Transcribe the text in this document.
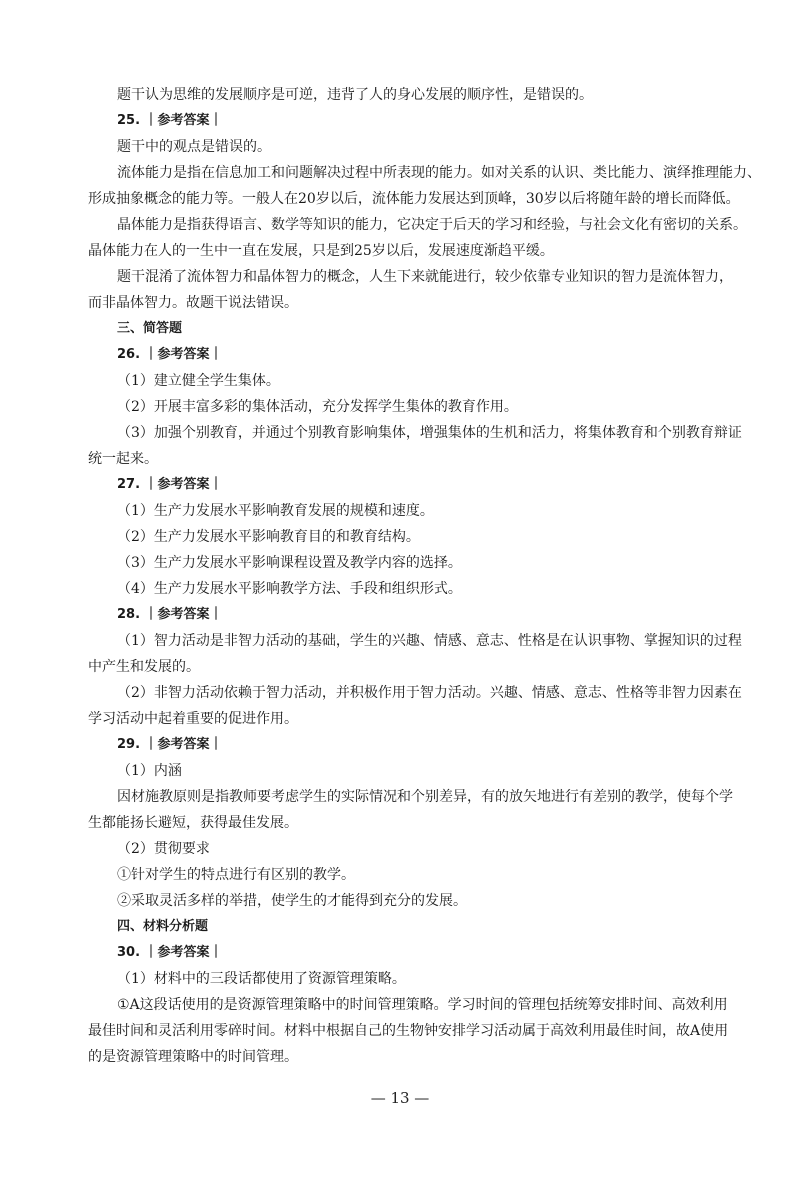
题干认为思维的发展顺序是可逆，违背了人的身心发展的顺序性，是错误的。

25. ｜参考答案｜

题干中的观点是错误的。

流体能力是指在信息加工和问题解决过程中所表现的能力。如对关系的认识、类比能力、演绎推理能力、

形成抽象概念的能力等。一般人在20岁以后，流体能力发展达到顶峰，30岁以后将随年龄的增长而降低。

晶体能力是指获得语言、数学等知识的能力，它决定于后天的学习和经验，与社会文化有密切的关系。

晶体能力在人的一生中一直在发展，只是到25岁以后，发展速度渐趋平缓。

题干混淆了流体智力和晶体智力的概念，人生下来就能进行，较少依靠专业知识的智力是流体智力，

而非晶体智力。故题干说法错误。

三、简答题

26. ｜参考答案｜

（1）建立健全学生集体。

（2）开展丰富多彩的集体活动，充分发挥学生集体的教育作用。

（3）加强个别教育，并通过个别教育影响集体，增强集体的生机和活力，将集体教育和个别教育辩证

统一起来。

27. ｜参考答案｜

（1）生产力发展水平影响教育发展的规模和速度。

（2）生产力发展水平影响教育目的和教育结构。

（3）生产力发展水平影响课程设置及教学内容的选择。

（4）生产力发展水平影响教学方法、手段和组织形式。

28. ｜参考答案｜

（1）智力活动是非智力活动的基础，学生的兴趣、情感、意志、性格是在认识事物、掌握知识的过程

中产生和发展的。

（2）非智力活动依赖于智力活动，并积极作用于智力活动。兴趣、情感、意志、性格等非智力因素在

学习活动中起着重要的促进作用。

29. ｜参考答案｜

（1）内涵

因材施教原则是指教师要考虑学生的实际情况和个别差异，有的放矢地进行有差别的教学，使每个学

生都能扬长避短，获得最佳发展。

（2）贯彻要求

①针对学生的特点进行有区别的教学。

②采取灵活多样的举措，使学生的才能得到充分的发展。

四、材料分析题

30. ｜参考答案｜

（1）材料中的三段话都使用了资源管理策略。

①A这段话使用的是资源管理策略中的时间管理策略。学习时间的管理包括统筹安排时间、高效利用

最佳时间和灵活利用零碎时间。材料中根据自己的生物钟安排学习活动属于高效利用最佳时间，故A使用

的是资源管理策略中的时间管理。

— 13 —
